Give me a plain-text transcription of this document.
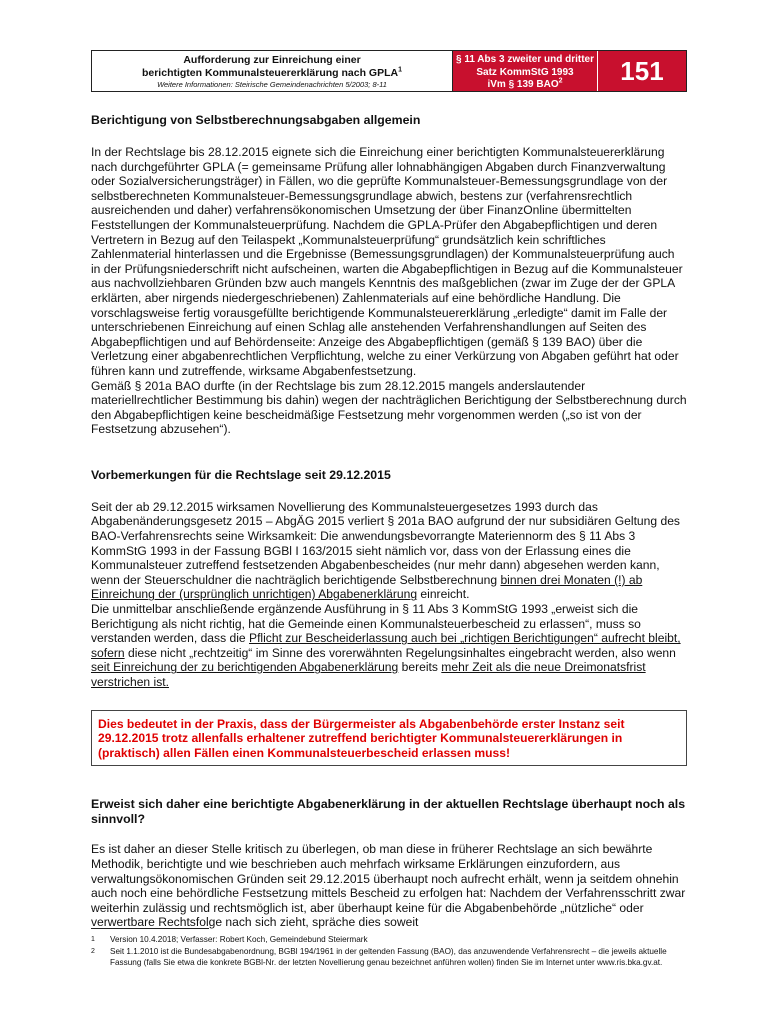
Aufforderung zur Einreichung einer
berichtigten Kommunalsteuererklärung nach GPLA$^1$
Weitere Informationen: Steirische Gemeindenachrichten 5/2003; 8-11
§ 11 Abs 3 zweiter und dritter
Satz KommStG 1993
iVm § 139 BAO$^2$	151
Berichtigung von Selbstberechnungsabgaben allgemein

In der Rechtslage bis 28.12.2015 eignete sich die Einreichung einer berichtigten Kommunalsteuererklärung nach durchgeführter GPLA (= gemeinsame Prüfung aller lohnabhängigen Abgaben durch Finanzverwaltung oder Sozialversicherungsträger) in Fällen, wo die geprüfte Kommunalsteuer-Bemessungsgrundlage von der selbstberechneten Kommunalsteuer-Bemessungsgrundlage abwich, bestens zur (verfahrensrechtlich ausreichenden und daher) verfahrensökonomischen Umsetzung der über FinanzOnline übermittelten Feststellungen der Kommunalsteuerprüfung. Nachdem die GPLA-Prüfer den Abgabepflichtigen und deren Vertretern in Bezug auf den Teilaspekt „Kommunalsteuerprüfung“ grundsätzlich kein schriftliches Zahlenmaterial hinterlassen und die Ergebnisse (Bemessungsgrundlagen) der Kommunalsteuerprüfung auch in der Prüfungsniederschrift nicht aufscheinen, warten die Abgabepflichtigen in Bezug auf die Kommunalsteuer aus nachvollziehbaren Gründen bzw auch mangels Kenntnis des maßgeblichen (zwar im Zuge der der GPLA erklärten, aber nirgends niedergeschriebenen) Zahlenmaterials auf eine behördliche Handlung. Die vorschlagsweise fertig vorausgefüllte berichtigende Kommunalsteuererklärung „erledigte“ damit im Falle der unterschriebenen Einreichung auf einen Schlag alle anstehenden Verfahrenshandlungen auf Seiten des Abgabepflichtigen und auf Behördenseite: Anzeige des Abgabepflichtigen (gemäß § 139 BAO) über die Verletzung einer abgabenrechtlichen Verpflichtung, welche zu einer Verkürzung von Abgaben geführt hat oder führen kann und zutreffende, wirksame Abgabenfestsetzung.

Gemäß § 201a BAO durfte (in der Rechtslage bis zum 28.12.2015 mangels anderslautender materiellrechtlicher Bestimmung bis dahin) wegen der nachträglichen Berichtigung der Selbstberechnung durch den Abgabepflichtigen keine bescheidmäßige Festsetzung mehr vorgenommen werden („so ist von der Festsetzung abzusehen“).

Vorbemerkungen für die Rechtslage seit 29.12.2015

Seit der ab 29.12.2015 wirksamen Novellierung des Kommunalsteuergesetzes 1993 durch das Abgabenänderungsgesetz 2015 – AbgÄG 2015 verliert § 201a BAO aufgrund der nur subsidiären Geltung des BAO-Verfahrensrechts seine Wirksamkeit: Die anwendungsbevorrangte Materiennorm des § 11 Abs 3 KommStG 1993 in der Fassung BGBl I 163/2015 sieht nämlich vor, dass von der Erlassung eines die Kommunalsteuer zutreffend festsetzenden Abgabenbescheides (nur mehr dann) abgesehen werden kann, wenn der Steuerschuldner die nachträglich berichtigende Selbstberechnung binnen drei Monaten (!) ab Einreichung der (ursprünglich unrichtigen) Abgabenerklärung einreicht.

Die unmittelbar anschließende ergänzende Ausführung in § 11 Abs 3 KommStG 1993 „erweist sich die Berichtigung als nicht richtig, hat die Gemeinde einen Kommunalsteuerbescheid zu erlassen“, muss so verstanden werden, dass die Pflicht zur Bescheiderlassung auch bei „richtigen Berichtigungen“ aufrecht bleibt, sofern diese nicht „rechtzeitig“ im Sinne des vorerwähnten Regelungsinhaltes eingebracht werden, also wenn seit Einreichung der zu berichtigenden Abgabenerklärung bereits mehr Zeit als die neue Dreimonatsfrist verstrichen ist.

Dies bedeutet in der Praxis, dass der Bürgermeister als Abgabenbehörde erster Instanz seit 29.12.2015 trotz allenfalls erhaltener zutreffend berichtigter Kommunalsteuererklärungen in (praktisch) allen Fällen einen Kommunalsteuerbescheid erlassen muss!
Erweist sich daher eine berichtigte Abgabenerklärung in der aktuellen Rechtslage überhaupt noch als sinnvoll?

Es ist daher an dieser Stelle kritisch zu überlegen, ob man diese in früherer Rechtslage an sich bewährte Methodik, berichtigte und wie beschrieben auch mehrfach wirksame Erklärungen einzufordern, aus verwaltungsökonomischen Gründen seit 29.12.2015 überhaupt noch aufrecht erhält, wenn ja seitdem ohnehin auch noch eine behördliche Festsetzung mittels Bescheid zu erfolgen hat: Nachdem der Verfahrensschritt zwar weiterhin zulässig und rechtsmöglich ist, aber überhaupt keine für die Abgabenbehörde „nützliche“ oder verwertbare Rechtsfolge nach sich zieht, spräche dies soweit

1	Version 10.4.2018; Verfasser: Robert Koch, Gemeindebund Steiermark
2	Seit 1.1.2010 ist die Bundesabgabenordnung, BGBl 194/1961 in der geltenden Fassung (BAO), das anzuwendende Verfahrensrecht – die jeweils aktuelle Fassung (falls Sie etwa die konkrete BGBl-Nr. der letzten Novellierung genau bezeichnet anführen wollen) finden Sie im Internet unter www.ris.bka.gv.at.
